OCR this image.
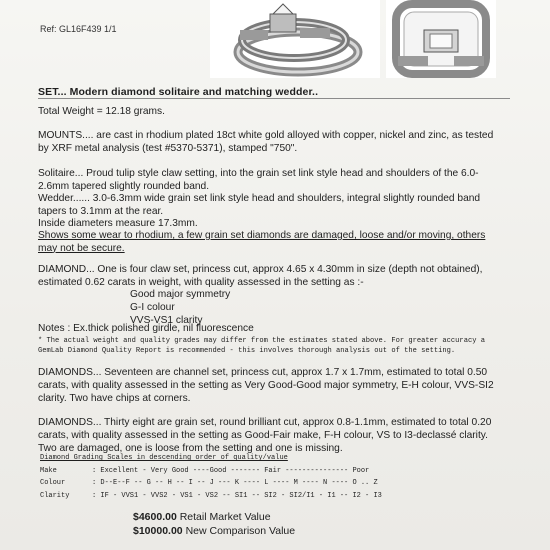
Ref: GL16F439 1/1
SET... Modern diamond solitaire and matching wedder..
Total Weight = 12.18 grams.
MOUNTS.... are cast in rhodium plated 18ct white gold alloyed with copper, nickel and zinc, as tested by XRF metal analysis (test #5370-5371), stamped "750".
Solitaire... Proud tulip style claw setting, into the grain set link style head and shoulders of the 6.0-2.6mm tapered slightly rounded band.
Wedder...... 3.0-6.3mm wide grain set link style head and shoulders, integral slightly rounded band tapers to 3.1mm at the rear.
Inside diameters measure 17.3mm.
Shows some wear to rhodium, a few grain set diamonds are damaged, loose and/or moving, others may not be secure.
DIAMOND... One is four claw set, princess cut, approx 4.65 x 4.30mm in size (depth not obtained), estimated 0.62 carats in weight, with quality assessed in the setting as :-
Good major symmetry
G-I colour
VVS-VS1 clarity
Notes : Ex.thick polished girdle, nil fluorescence
* The actual weight and quality grades may differ from the estimates stated above. For greater accuracy a GemLab Diamond Quality Report is recommended - this involves thorough analysis out of the setting.
DIAMONDS... Seventeen are channel set, princess cut, approx 1.7 x 1.7mm, estimated to total 0.50 carats, with quality assessed in the setting as Very Good-Good major symmetry, E-H colour, VVS-SI2 clarity. Two have chips at corners.
DIAMONDS... Thirty eight are grain set, round brilliant cut, approx 0.8-1.1mm, estimated to total 0.20 carats, with quality assessed in the setting as Good-Fair make, F-H colour, VS to I3-declassé clarity. Two are damaged, one is loose from the setting and one is missing.
Diamond Grading Scales in descending order of quality/value
Make	: Excellent - Very Good ----Good ------- Fair --------------- Poor
Colour	: D--E--F -- G -- H -- I -- J --- K ---- L ---- M ---- N ---- O .. Z
Clarity	: IF - VVS1 - VVS2 - VS1 - VS2 -- SI1 -- SI2 - SI2/I1 - I1 -- I2 - I3
$4600.00 Retail Market Value
$10000.00 New Comparison Value
